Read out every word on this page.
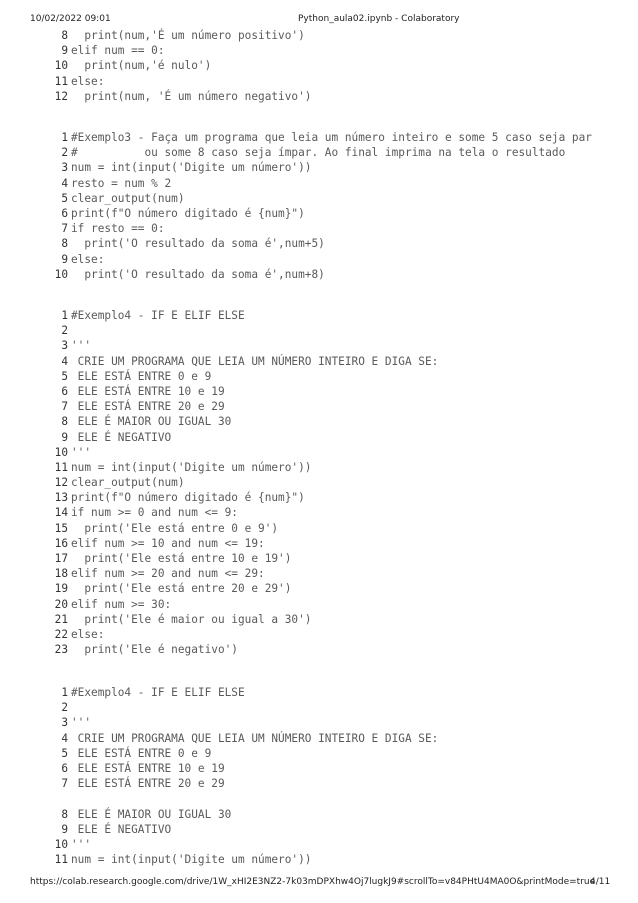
10/02/2022 09:01	Python_aula02.ipynb - Colaboratory
8  print(num,'É um número positivo')
9 elif num == 0:
10  print(num,'é nulo')
11 else:
12  print(num, 'É um número negativo')
1 #Exemplo3 - Faça um programa que leia um número inteiro e some 5 caso seja par
2 #          ou some 8 caso seja ímpar. Ao final imprima na tela o resultado
3 num = int(input('Digite um número'))
4 resto = num % 2
5 clear_output(num)
6 print(f"O número digitado é {num}")
7 if resto == 0:
8  print('O resultado da soma é',num+5)
9 else:
10  print('O resultado da soma é',num+8)
1 #Exemplo4 - IF E ELIF ELSE
2
3 '''
4 CRIE UM PROGRAMA QUE LEIA UM NÚMERO INTEIRO E DIGA SE:
5 ELE ESTÁ ENTRE 0 e 9
6 ELE ESTÁ ENTRE 10 e 19
7 ELE ESTÁ ENTRE 20 e 29
8 ELE É MAIOR OU IGUAL 30
9 ELE É NEGATIVO
10 '''
11 num = int(input('Digite um número'))
12 clear_output(num)
13 print(f"O número digitado é {num}")
14 if num >= 0 and num <= 9:
15  print('Ele está entre 0 e 9')
16 elif num >= 10 and num <= 19:
17  print('Ele está entre 10 e 19')
18 elif num >= 20 and num <= 29:
19  print('Ele está entre 20 e 29')
20 elif num >= 30:
21  print('Ele é maior ou igual a 30')
22 else:
23  print('Ele é negativo')
1 #Exemplo4 - IF E ELIF ELSE
2
3 '''
4 CRIE UM PROGRAMA QUE LEIA UM NÚMERO INTEIRO E DIGA SE:
5 ELE ESTÁ ENTRE 0 e 9
6 ELE ESTÁ ENTRE 10 e 19
7 ELE ESTÁ ENTRE 20 e 29
8 ELE É MAIOR OU IGUAL 30
9 ELE É NEGATIVO
10 '''
11 num = int(input('Digite um número'))
https://colab.research.google.com/drive/1W_xHI2E3NZ2-7k03mDPXhw4Oj7lugkJ9#scrollTo=v84PHtU4MA0O&printMode=true
4/11
